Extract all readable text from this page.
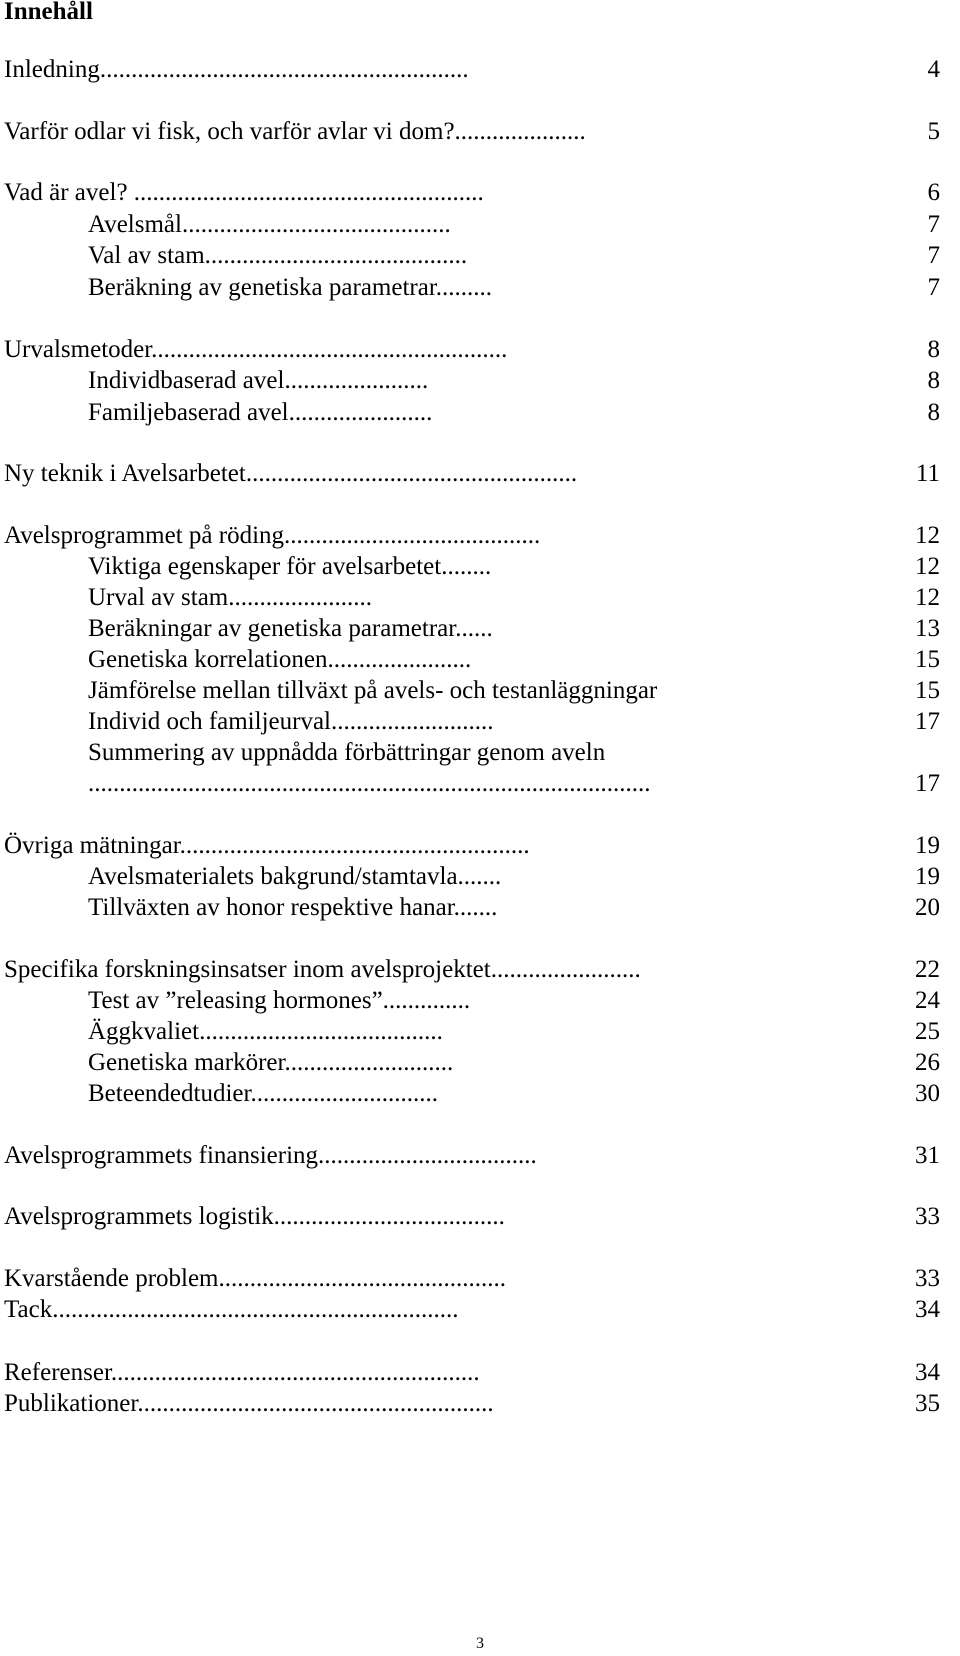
Innehåll
Inledning...........................................................	4
Varför odlar vi fisk, och varför avlar vi dom?.....................	5
Vad är avel? ........................................................	6
Avelsmål...........................................	7
Val av stam..........................................	7
Beräkning av genetiska parametrar.........	7
Urvalsmetoder.........................................................	8
Individbaserad avel.......................	8
Familjebaserad avel.......................	8
Ny teknik i Avelsarbetet.....................................................	11
Avelsprogrammet på röding.........................................	12
Viktiga egenskaper för avelsarbetet........	12
Urval av stam.......................	12
Beräkningar av genetiska parametrar......	13
Genetiska korrelationen.......................	15
Jämförelse mellan tillväxt på avels- och testanläggningar	15
Individ och familjeurval..........................	17
Summering av uppnådda förbättringar genom aveln
..........................................................................................	17
Övriga mätningar........................................................	19
Avelsmaterialets bakgrund/stamtavla.......	19
Tillväxten av honor respektive hanar.......	20
Specifika forskningsinsatser inom avelsprojektet........................	22
Test av ”releasing hormones”..............	24
Äggkvaliet.......................................	25
Genetiska markörer...........................	26
Beteendedtudier..............................	30
Avelsprogrammets finansiering...................................	31
Avelsprogrammets logistik.....................................	33
Kvarstående problem..............................................	33
Tack.................................................................	34
Referenser...........................................................	34
Publikationer.........................................................	35
3
